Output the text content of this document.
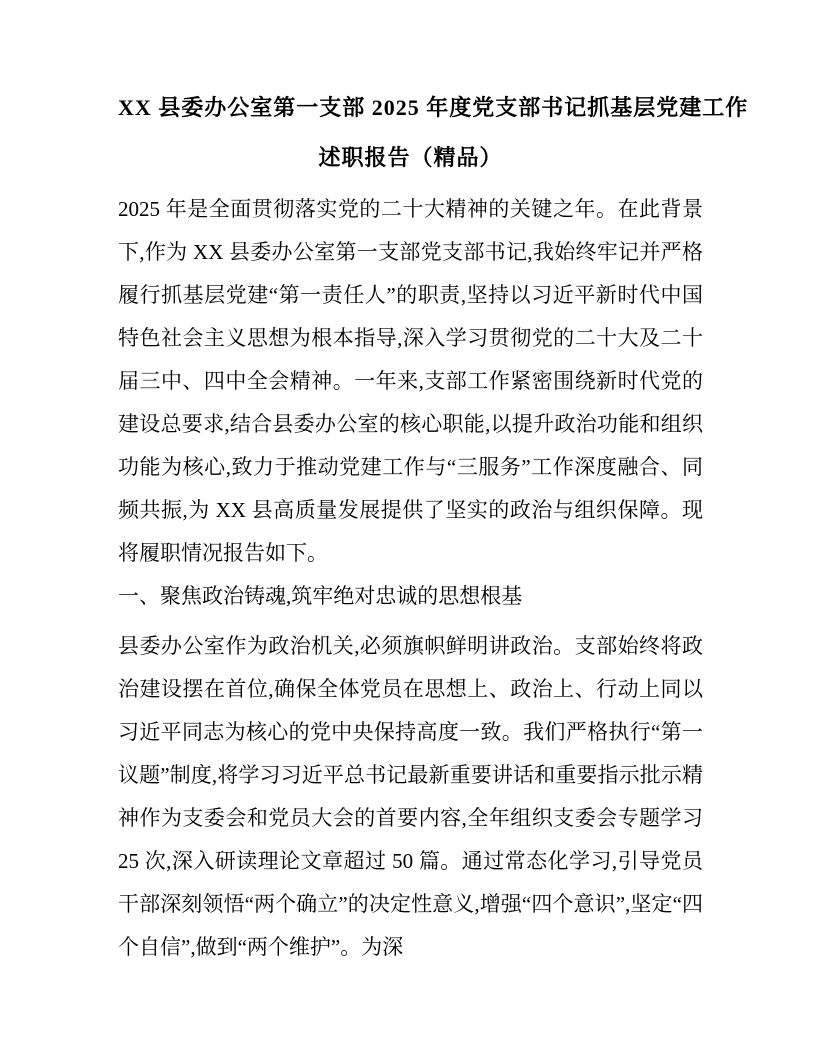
XX 县委办公室第一支部 2025 年度党支部书记抓基层党建工作
述职报告（精品）

2025 年是全面贯彻落实党的二十大精神的关键之年。在此背景下,作为 XX 县委办公室第一支部党支部书记,我始终牢记并严格履行抓基层党建“第一责任人”的职责,坚持以习近平新时代中国特色社会主义思想为根本指导,深入学习贯彻党的二十大及二十届三中、四中全会精神。一年来,支部工作紧密围绕新时代党的建设总要求,结合县委办公室的核心职能,以提升政治功能和组织功能为核心,致力于推动党建工作与“三服务”工作深度融合、同频共振,为 XX 县高质量发展提供了坚实的政治与组织保障。现将履职情况报告如下。

一、聚焦政治铸魂,筑牢绝对忠诚的思想根基

县委办公室作为政治机关,必须旗帜鲜明讲政治。支部始终将政治建设摆在首位,确保全体党员在思想上、政治上、行动上同以习近平同志为核心的党中央保持高度一致。我们严格执行“第一议题”制度,将学习习近平总书记最新重要讲话和重要指示批示精神作为支委会和党员大会的首要内容,全年组织支委会专题学习 25 次,深入研读理论文章超过 50 篇。通过常态化学习,引导党员干部深刻领悟“两个确立”的决定性意义,增强“四个意识”,坚定“四个自信”,做到“两个维护”。为深
